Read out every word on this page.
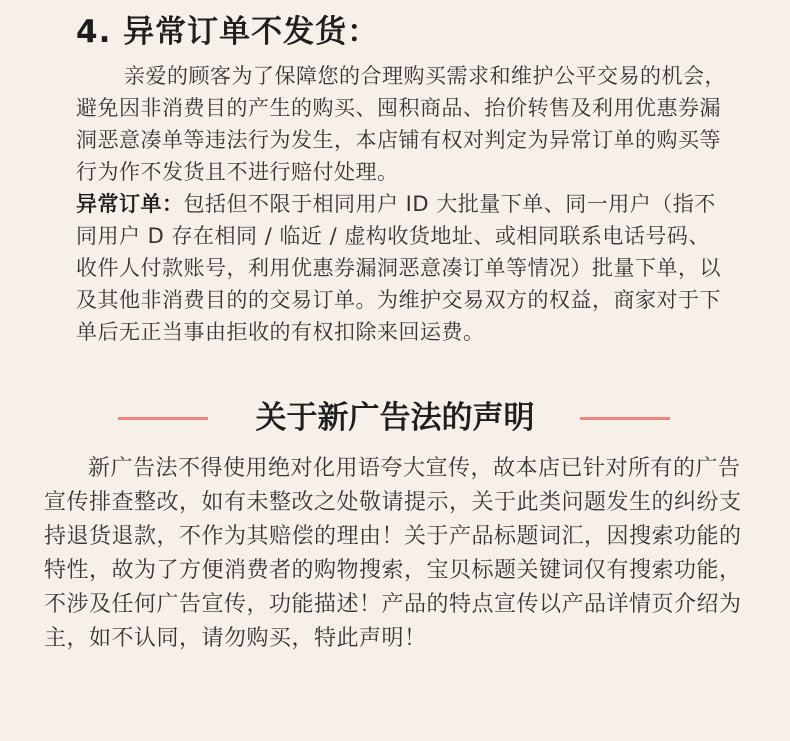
4. 异常订单不发货：

亲爱的顾客为了保障您的合理购买需求和维护公平交易的机会，避免因非消费目的产生的购买、囤积商品、抬价转售及利用优惠券漏洞恶意凑单等违法行为发生，本店铺有权对判定为异常订单的购买等行为作不发货且不进行赔付处理。

异常订单：包括但不限于相同用户 ID 大批量下单、同一用户（指不同用户 D 存在相同 / 临近 / 虚构收货地址、或相同联系电话号码、收件人付款账号，利用优惠券漏洞恶意凑订单等情况）批量下单，以及其他非消费目的的交易订单。为维护交易双方的权益，商家对于下单后无正当事由拒收的有权扣除来回运费。

关于新广告法的声明

新广告法不得使用绝对化用语夸大宣传，故本店已针对所有的广告宣传排查整改，如有未整改之处敬请提示，关于此类问题发生的纠纷支持退货退款，不作为其赔偿的理由！关于产品标题词汇，因搜索功能的特性，故为了方便消费者的购物搜索，宝贝标题关键词仅有搜索功能，不涉及任何广告宣传，功能描述！产品的特点宣传以产品详情页介绍为主，如不认同，请勿购买，特此声明！
